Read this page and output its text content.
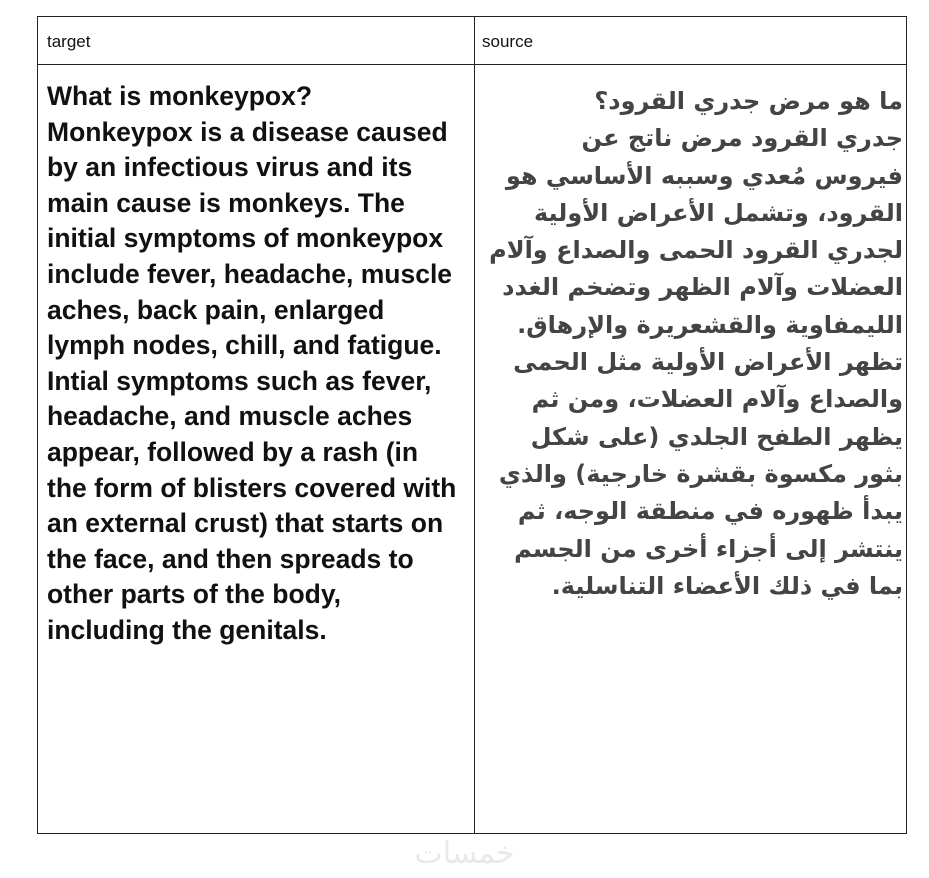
target	source

What is monkeypox?

Monkeypox is a disease caused by an infectious virus and its main cause is monkeys. The initial symptoms of monkeypox include fever, headache, muscle aches, back pain, enlarged lymph nodes, chill, and fatigue.

Intial symptoms such as fever, headache, and muscle aches appear, followed by a rash (in the form of blisters covered with an external crust) that starts on the face, and then spreads to other parts of the body, including the genitals.

ما هو مرض جدري القرود؟

جدري القرود مرض ناتج عن فيروس مُعدي وسببه الأساسي هو القرود، وتشمل الأعراض الأولية لجدري القرود الحمى والصداع وآلام العضلات وآلام الظهر وتضخم الغدد الليمفاوية والقشعريرة والإرهاق. تظهر الأعراض الأولية مثل الحمى والصداع وآلام العضلات، ومن ثم يظهر الطفح الجلدي (على شكل بثور مكسوة بقشرة خارجية) والذي يبدأ ظهوره في منطقة الوجه، ثم ينتشر إلى أجزاء أخرى من الجسم بما في ذلك الأعضاء التناسلية.

خمسات
